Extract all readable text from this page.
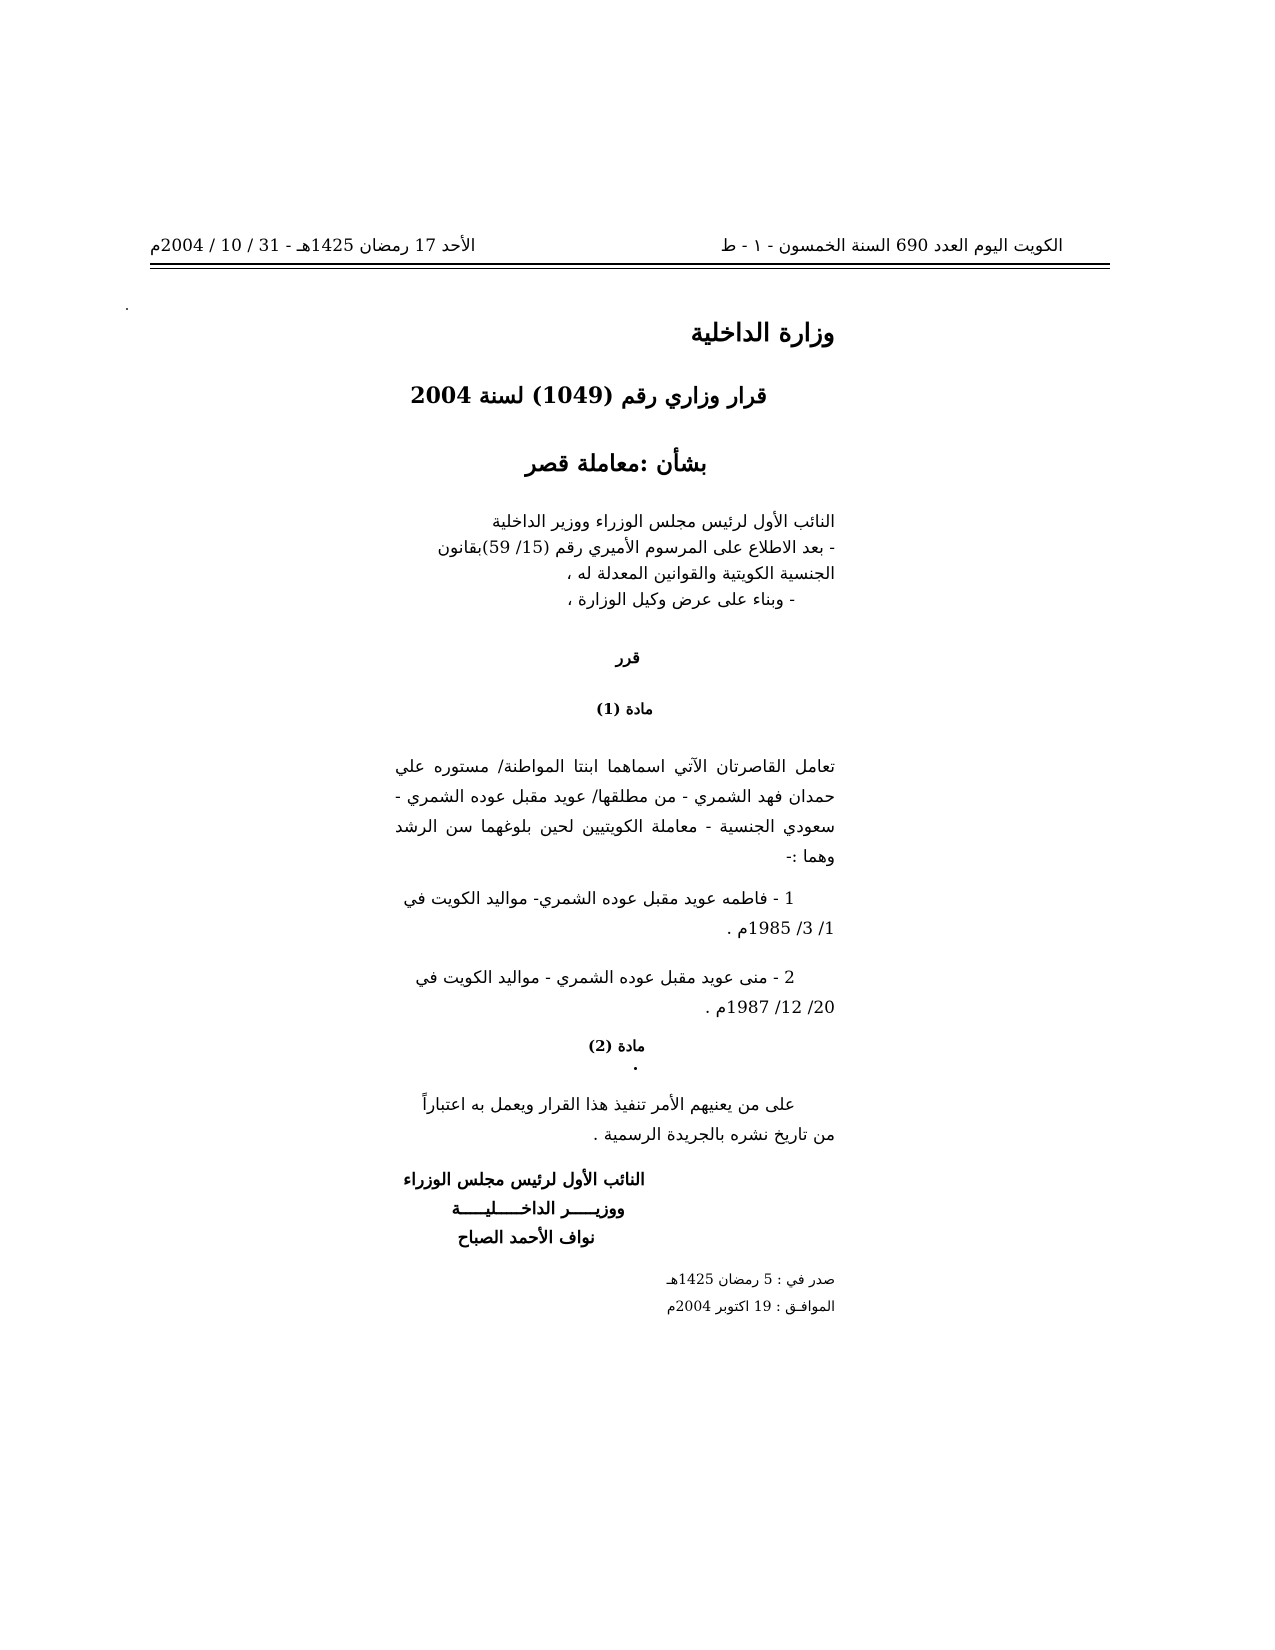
الكويت اليوم العدد 690 السنة الخمسون - ١ - ط
الأحد 17 رمضان 1425هـ - 31 / 10 / 2004م
وزارة الداخلية
قرار وزاري رقم (1049) لسنة 2004
بشأن :معاملة قصر
النائب الأول لرئيس مجلس الوزراء ووزير الداخلية
- بعد الاطلاع على المرسوم الأميري رقم (15/ 59)بقانون
الجنسية الكويتية والقوانين المعدلة له ،
- وبناء على عرض وكيل الوزارة ،
قرر
مادة (1)
تعامل القاصرتان الآتي اسماهما ابنتا المواطنة/ مستوره علي حمدان فهد الشمري - من مطلقها/ عويد مقبل عوده الشمري - سعودي الجنسية - معاملة الكويتيين لحين بلوغهما سن الرشد وهما :-
1 - فاطمه عويد مقبل عوده الشمري- مواليد الكويت في
1/ 3/ 1985م .
2 - منى عويد مقبل عوده الشمري - مواليد الكويت في
20/ 12/ 1987م .
مادة (2)
على من يعنيهم الأمر تنفيذ هذا القرار ويعمل به اعتباراً من تاريخ نشره بالجريدة الرسمية .
النائب الأول لرئيس مجلس الوزراء
ووزيـــــر الداخـــــليـــــة
نواف الأحمد الصباح
صدر في : 5 رمضان 1425هـ
الموافـق : 19 اكتوبر 2004م
